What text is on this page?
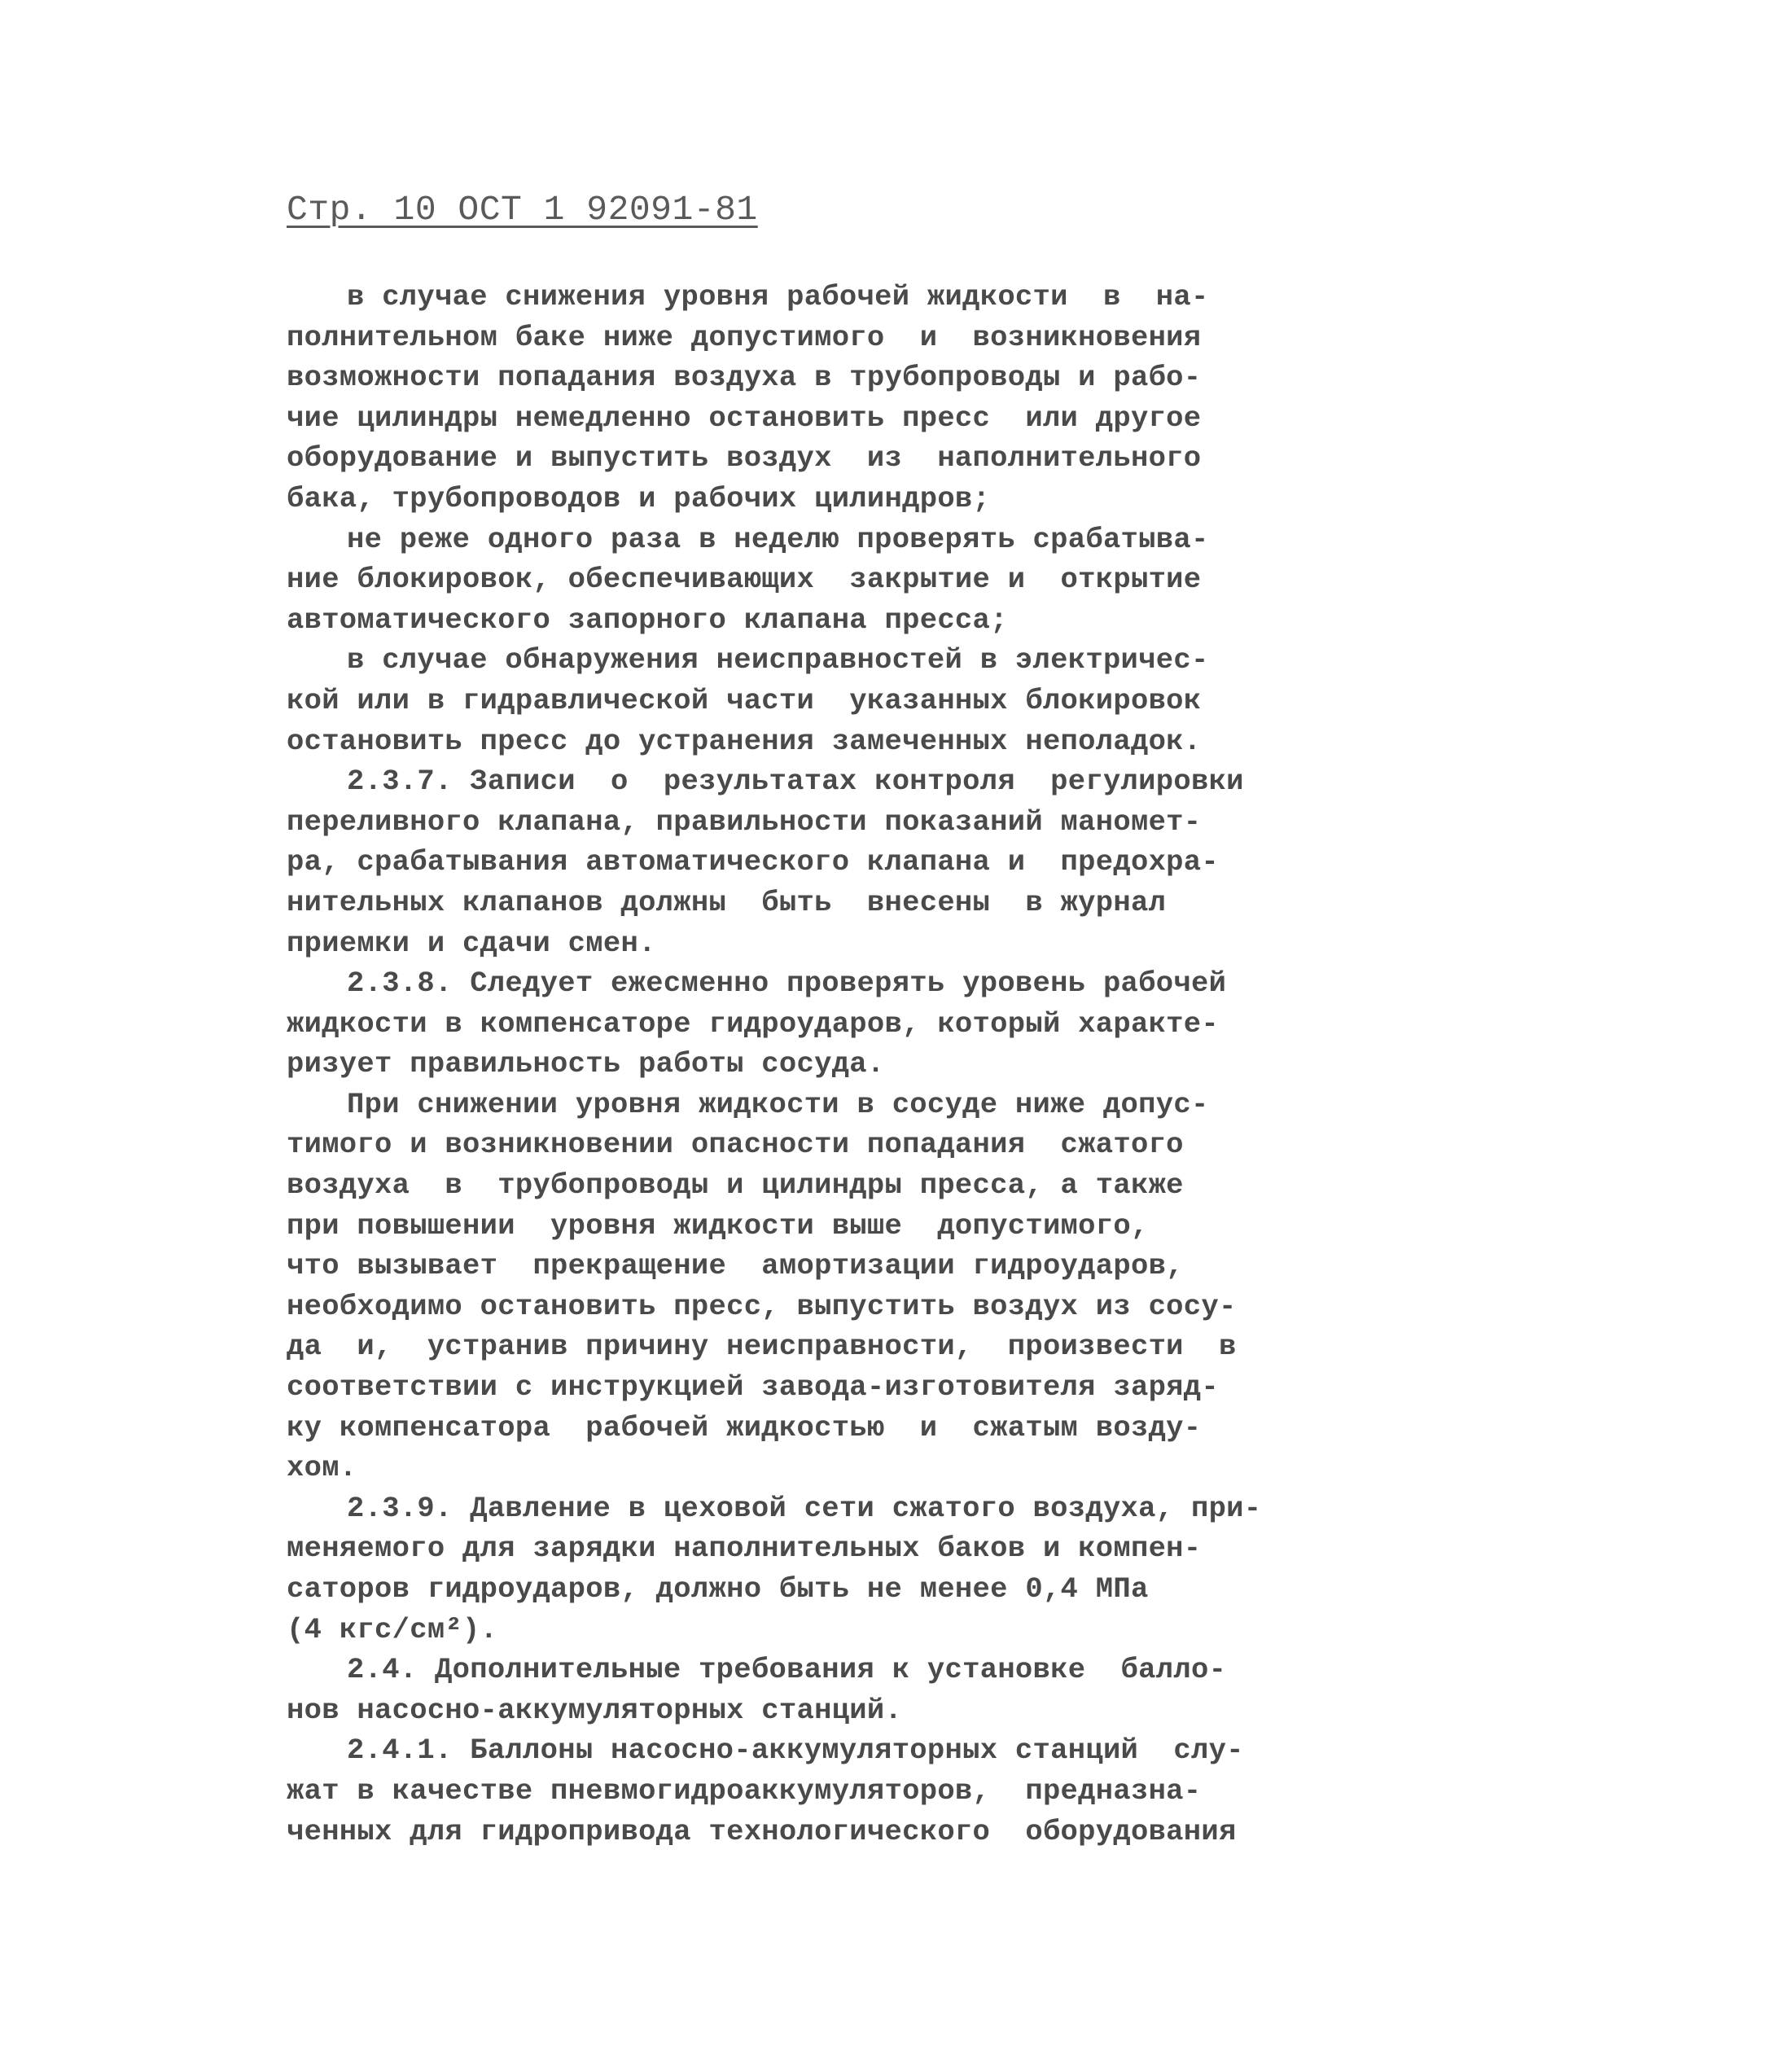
Стр. 10 ОСТ 1 92091-81
в случае снижения уровня рабочей жидкости  в  на-
полнительном баке ниже допустимого  и  возникновения
возможности попадания воздуха в трубопроводы и рабо-
чие цилиндры немедленно остановить пресс  или другое
оборудование и выпустить воздух  из  наполнительного
бака, трубопроводов и рабочих цилиндров;
не реже одного раза в неделю проверять срабатыва-
ние блокировок, обеспечивающих  закрытие и  открытие
автоматического запорного клапана пресса;
в случае обнаружения неисправностей в электричес-
кой или в гидравлической части  указанных блокировок
остановить пресс до устранения замеченных неполадок.
2.3.7. Записи  о  результатах контроля  регулировки
переливного клапана, правильности показаний маномет-
ра, срабатывания автоматического клапана и  предохра-
нительных клапанов должны  быть  внесены  в журнал
приемки и сдачи смен.
2.3.8. Следует ежесменно проверять уровень рабочей
жидкости в компенсаторе гидроударов, который характе-
ризует правильность работы сосуда.
При снижении уровня жидкости в сосуде ниже допус-
тимого и возникновении опасности попадания  сжатого
воздуха  в  трубопроводы и цилиндры пресса, а также
при повышении  уровня жидкости выше  допустимого,
что вызывает  прекращение  амортизации гидроударов,
необходимо остановить пресс, выпустить воздух из сосу-
да  и,  устранив причину неисправности,  произвести  в
соответствии с инструкцией завода-изготовителя заряд-
ку компенсатора  рабочей жидкостью  и  сжатым возду-
хом.
2.3.9. Давление в цеховой сети сжатого воздуха, при-
меняемого для зарядки наполнительных баков и компен-
саторов гидроударов, должно быть не менее 0,4 МПа
(4 кгс/см²).
2.4. Дополнительные требования к установке  балло-
нов насосно-аккумуляторных станций.
2.4.1. Баллоны насосно-аккумуляторных станций  слу-
жат в качестве пневмогидроаккумуляторов,  предназна-
ченных для гидропривода технологического  оборудования
